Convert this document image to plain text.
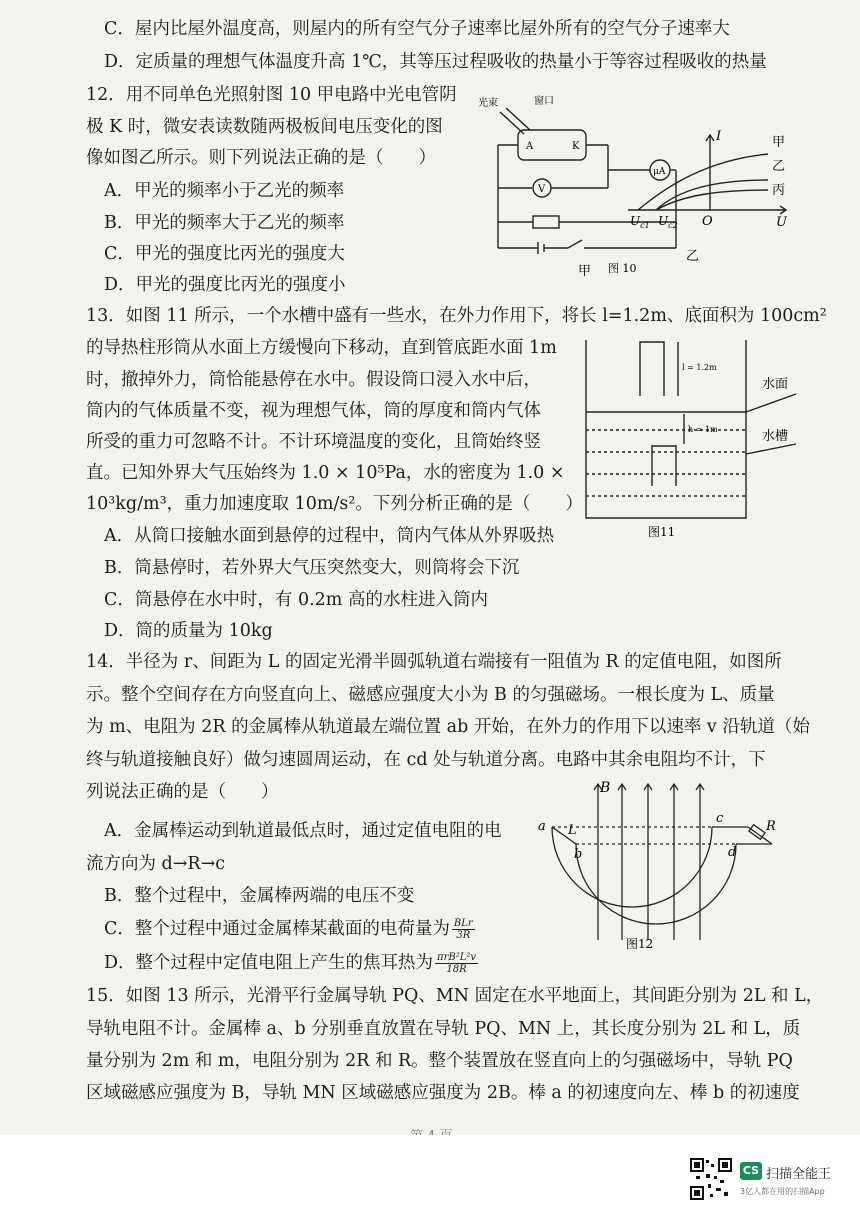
C．屋内比屋外温度高，则屋内的所有空气分子速率比屋外所有的空气分子速率大
D．定质量的理想气体温度升高 1℃，其等压过程吸收的热量小于等容过程吸收的热量
12．用不同单色光照射图 10 甲电路中光电管阴
极 K 时，微安表读数随两极板间电压变化的图
像如图乙所示。则下列说法正确的是（　　）
A．甲光的频率小于乙光的频率
B．甲光的频率大于乙光的频率
C．甲光的强度比丙光的强度大
D．甲光的强度比丙光的强度小
光束	窗口
A	K
μA
V
甲
I
U
O
$U_{c1}$ $U_{c2}$
甲
乙
丙
图 10
乙
13．如图 11 所示，一个水槽中盛有一些水，在外力作用下，将长 l=1.2m、底面积为 100cm²
的导热柱形筒从水面上方缓慢向下移动，直到管底距水面 1m
时，撤掉外力，筒恰能悬停在水中。假设筒口浸入水中后，
筒内的气体质量不变，视为理想气体，筒的厚度和筒内气体
所受的重力可忽略不计。不计环境温度的变化，且筒始终竖
直。已知外界大气压始终为 1.0 × 10⁵Pa，水的密度为 1.0 ×
10³kg/m³，重力加速度取 10m/s²。下列分析正确的是（　　）
A．从筒口接触水面到悬停的过程中，筒内气体从外界吸热
B．筒悬停时，若外界大气压突然变大，则筒将会下沉
C．筒悬停在水中时，有 0.2m 高的水柱进入筒内
D．筒的质量为 10kg
l = 1.2m
h = 1m
水面
水槽
图11
14．半径为 r、间距为 L 的固定光滑半圆弧轨道右端接有一阻值为 R 的定值电阻，如图所
示。整个空间存在方向竖直向上、磁感应强度大小为 B 的匀强磁场。一根长度为 L、质量
为 m、电阻为 2R 的金属棒从轨道最左端位置 ab 开始，在外力的作用下以速率 v 沿轨道（始
终与轨道接触良好）做匀速圆周运动，在 cd 处与轨道分离。电路中其余电阻均不计，下
列说法正确的是（　　）
A．金属棒运动到轨道最低点时，通过定值电阻的电
流方向为 d→R→c
B．整个过程中，金属棒两端的电压不变
C．整个过程中通过金属棒某截面的电荷量为 $\frac{\text{BLr}}{3R}$
D．整个过程中定值电阻上产生的焦耳热为 $\frac{\text{πrB²L²v}}{18R}$
B
a
b
c
d
L	R
图12
15．如图 13 所示，光滑平行金属导轨 PQ、MN 固定在水平地面上，其间距分别为 2L 和 L，
导轨电阻不计。金属棒 a、b 分别垂直放置在导轨 PQ、MN 上，其长度分别为 2L 和 L，质
量分别为 2m 和 m，电阻分别为 2R 和 R。整个装置放在竖直向上的匀强磁场中，导轨 PQ
区域磁感应强度为 B，导轨 MN 区域磁感应强度为 2B。棒 a 的初速度向左、棒 b 的初速度
CS 扫描全能王
3亿人都在用的扫描App
